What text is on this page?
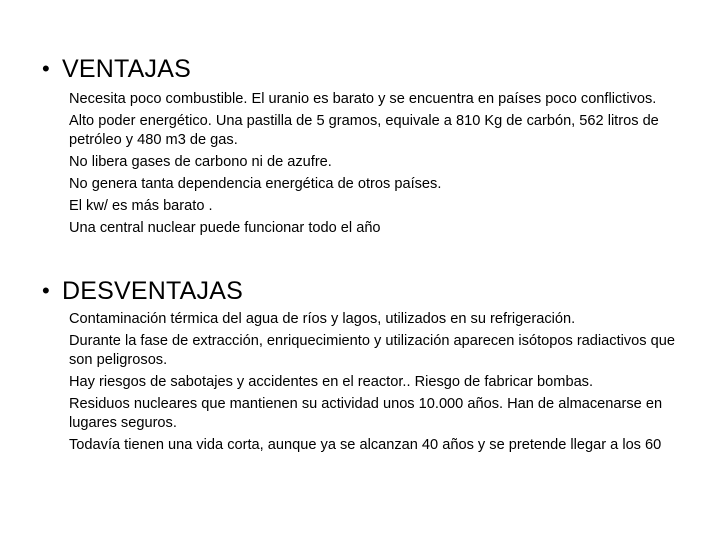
• VENTAJAS
Necesita poco combustible. El uranio es barato y se encuentra en países poco conflictivos.
Alto poder energético. Una pastilla de 5 gramos, equivale a 810 Kg de carbón, 562 litros de petróleo y 480 m3 de gas.
No libera gases de carbono ni de azufre.
No genera tanta dependencia energética de otros países.
El kw/ es más barato .
Una central nuclear puede funcionar todo el año
• DESVENTAJAS
Contaminación térmica del agua de ríos y lagos, utilizados en su refrigeración.
Durante la fase de extracción, enriquecimiento y utilización aparecen isótopos radiactivos que son peligrosos.
Hay riesgos de sabotajes y accidentes en el reactor.. Riesgo de fabricar bombas.
Residuos nucleares que mantienen su actividad unos 10.000 años. Han de almacenarse en lugares seguros.
Todavía tienen una vida corta, aunque ya se alcanzan 40 años y se pretende llegar a los 60
